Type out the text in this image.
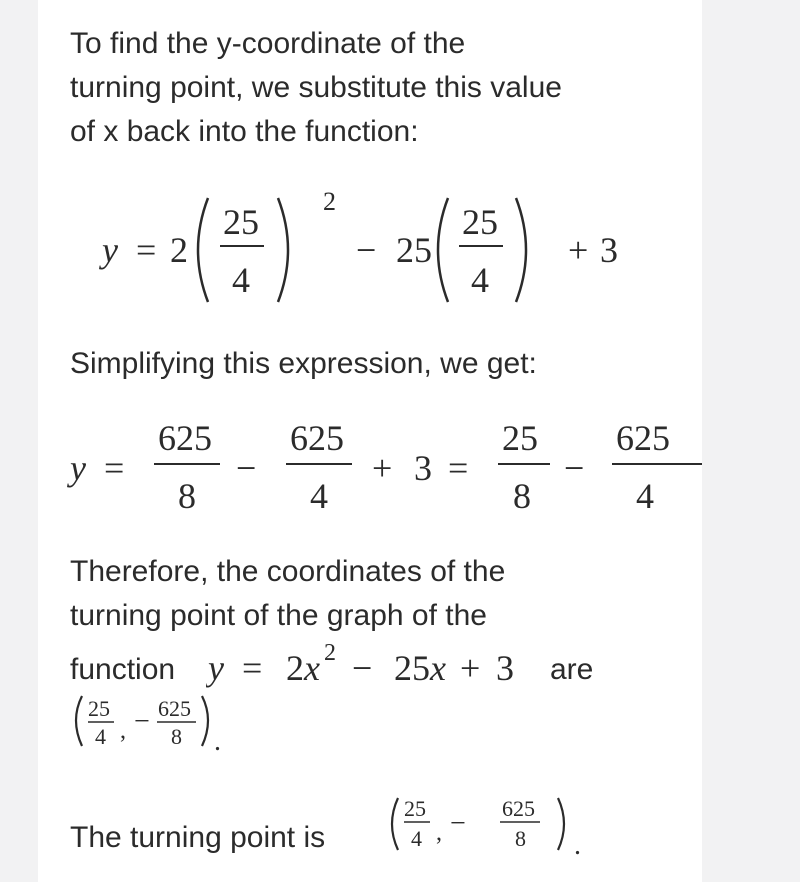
To find the y-coordinate of the
turning point, we substitute this value
of x back into the function:
y = 2
25
4
2
− 25
25
4
+ 3
Simplifying this expression, we get:
y =
625
8
−
625
4
+ 3 =
25
8
−
625
4
Therefore, the coordinates of the
turning point of the graph of the
function y = 2 x 2 − 25 x + 3 are
25
4 , − 625
8 .
The turning point is
25
4 , − 625
8 .
